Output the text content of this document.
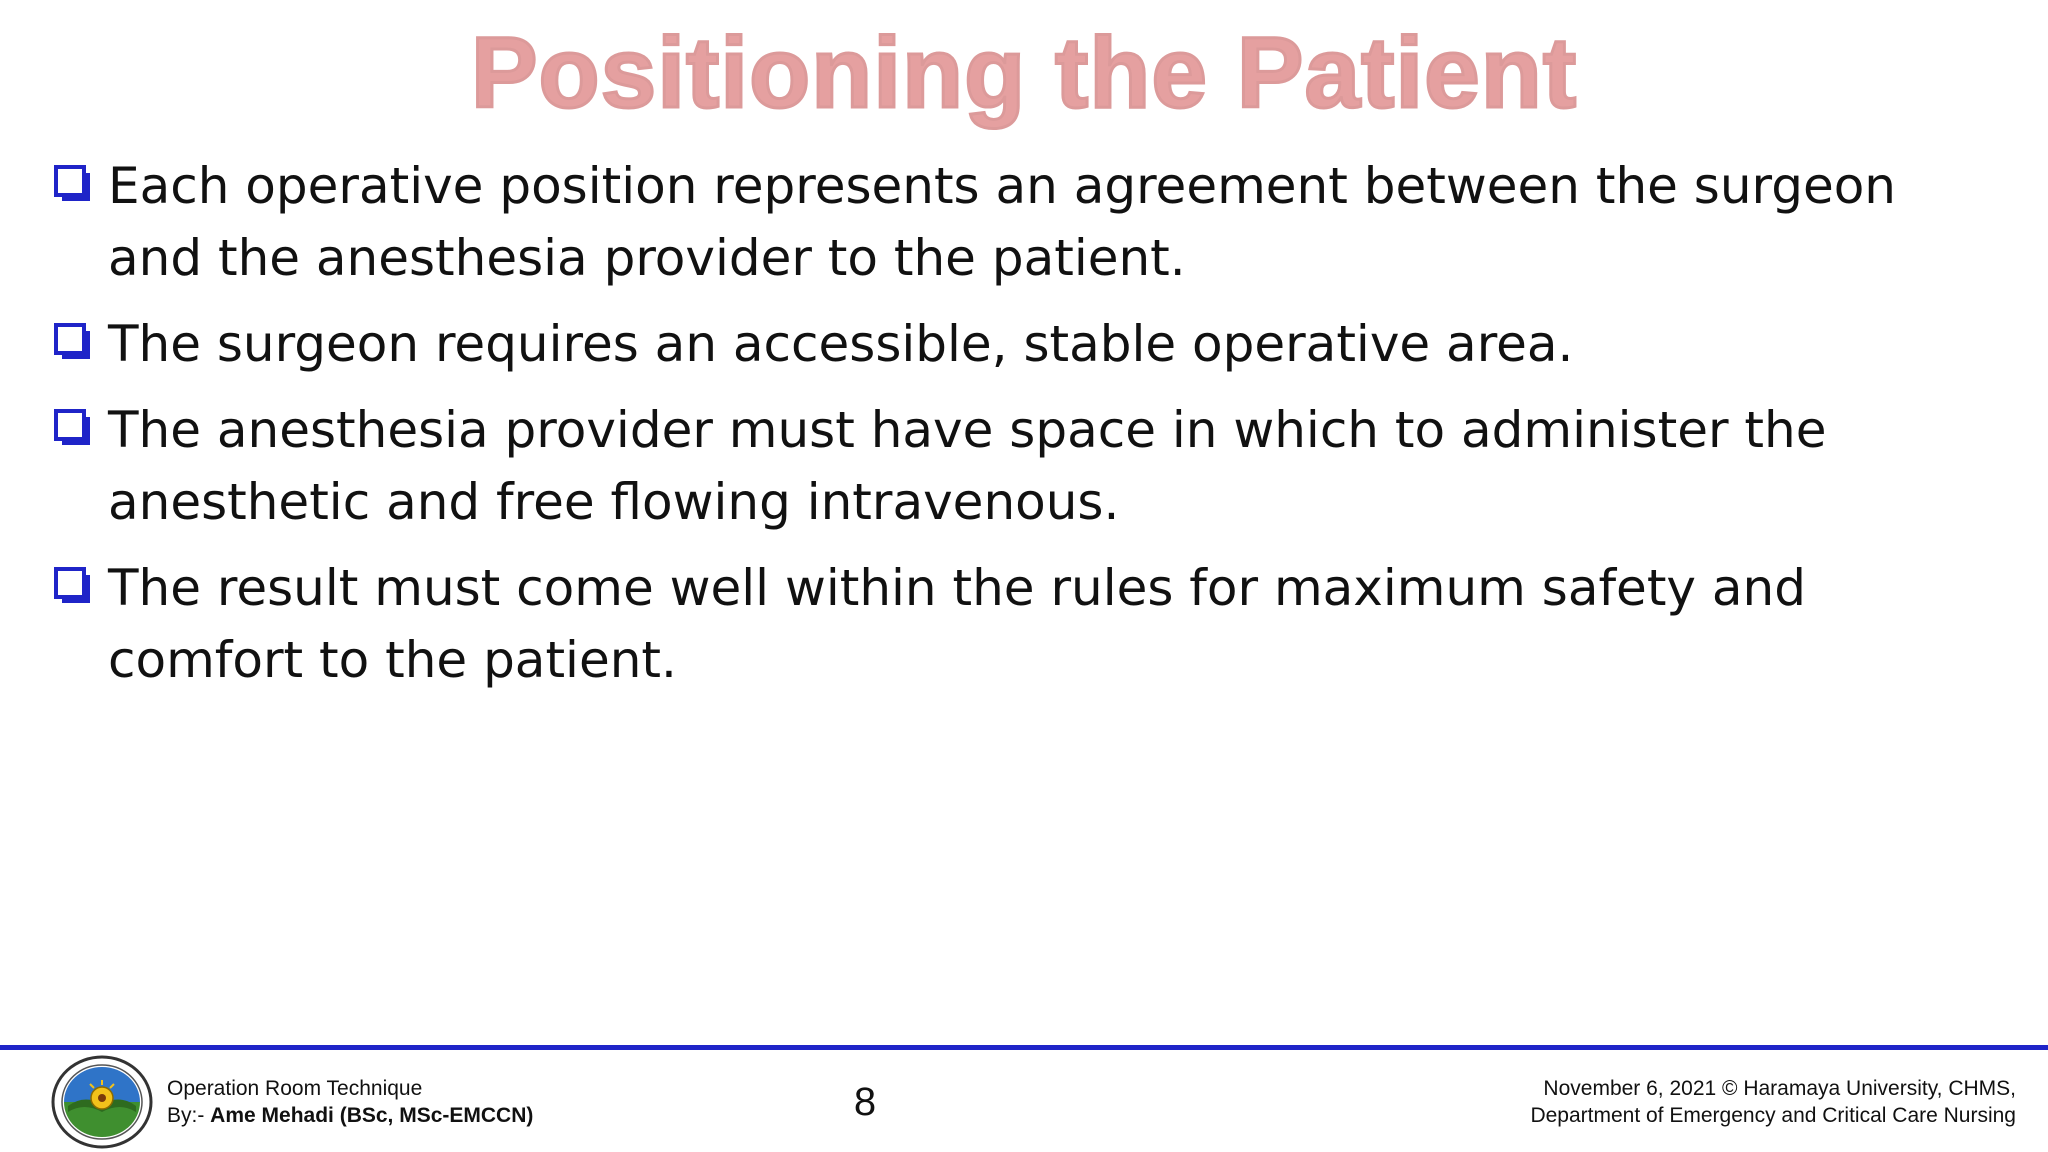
Positioning the Patient
Each operative position represents an agreement between the surgeon and the anesthesia provider to the patient.
The surgeon requires an accessible, stable operative area.
The anesthesia provider must have space in which to administer the anesthetic and free flowing intravenous.
The result must come well within the rules for maximum safety and comfort to the patient.
Operation Room Technique
By:- Ame Mehadi (BSc, MSc-EMCCN)	8	November 6, 2021 © Haramaya University, CHMS,
Department of Emergency and Critical Care Nursing
